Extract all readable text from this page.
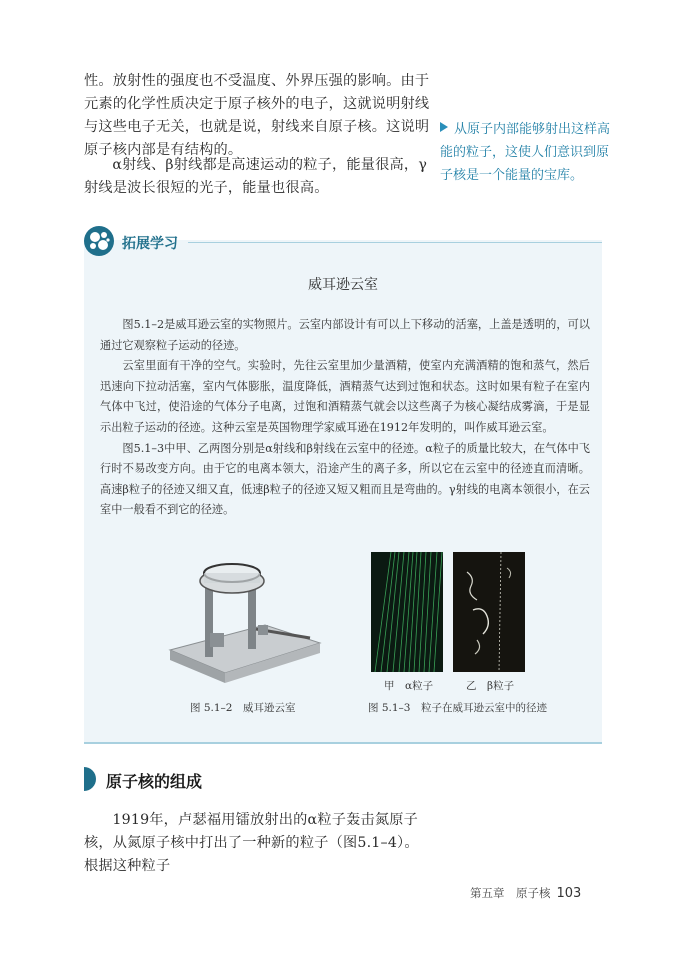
性。放射性的强度也不受温度、外界压强的影响。由于元素的化学性质决定于原子核外的电子，这就说明射线与这些电子无关，也就是说，射线来自原子核。这说明原子核内部是有结构的。

α射线、β射线都是高速运动的粒子，能量很高，γ射线是波长很短的光子，能量也很高。

从原子内部能够射出这样高能的粒子，这使人们意识到原子核是一个能量的宝库。
拓展学习
威耳逊云室

图5.1–2是威耳逊云室的实物照片。云室内部设计有可以上下移动的活塞，上盖是透明的，可以通过它观察粒子运动的径迹。

云室里面有干净的空气。实验时，先往云室里加少量酒精，使室内充满酒精的饱和蒸气，然后迅速向下拉动活塞，室内气体膨胀，温度降低，酒精蒸气达到过饱和状态。这时如果有粒子在室内气体中飞过，使沿途的气体分子电离，过饱和酒精蒸气就会以这些离子为核心凝结成雾滴，于是显示出粒子运动的径迹。这种云室是英国物理学家威耳逊在1912年发明的，叫作威耳逊云室。

图5.1–3中甲、乙两图分别是α射线和β射线在云室中的径迹。α粒子的质量比较大，在气体中飞行时不易改变方向。由于它的电离本领大，沿途产生的离子多，所以它在云室中的径迹直而清晰。高速β粒子的径迹又细又直，低速β粒子的径迹又短又粗而且是弯曲的。γ射线的电离本领很小，在云室中一般看不到它的径迹。

甲　α粒子	乙　β粒子
图 5.1–2　威耳逊云室	图 5.1–3　粒子在威耳逊云室中的径迹
原子核的组成

1919年，卢瑟福用镭放射出的α粒子轰击氮原子核，从氮原子核中打出了一种新的粒子（图5.1–4）。根据这种粒子

第五章　原子核 103
